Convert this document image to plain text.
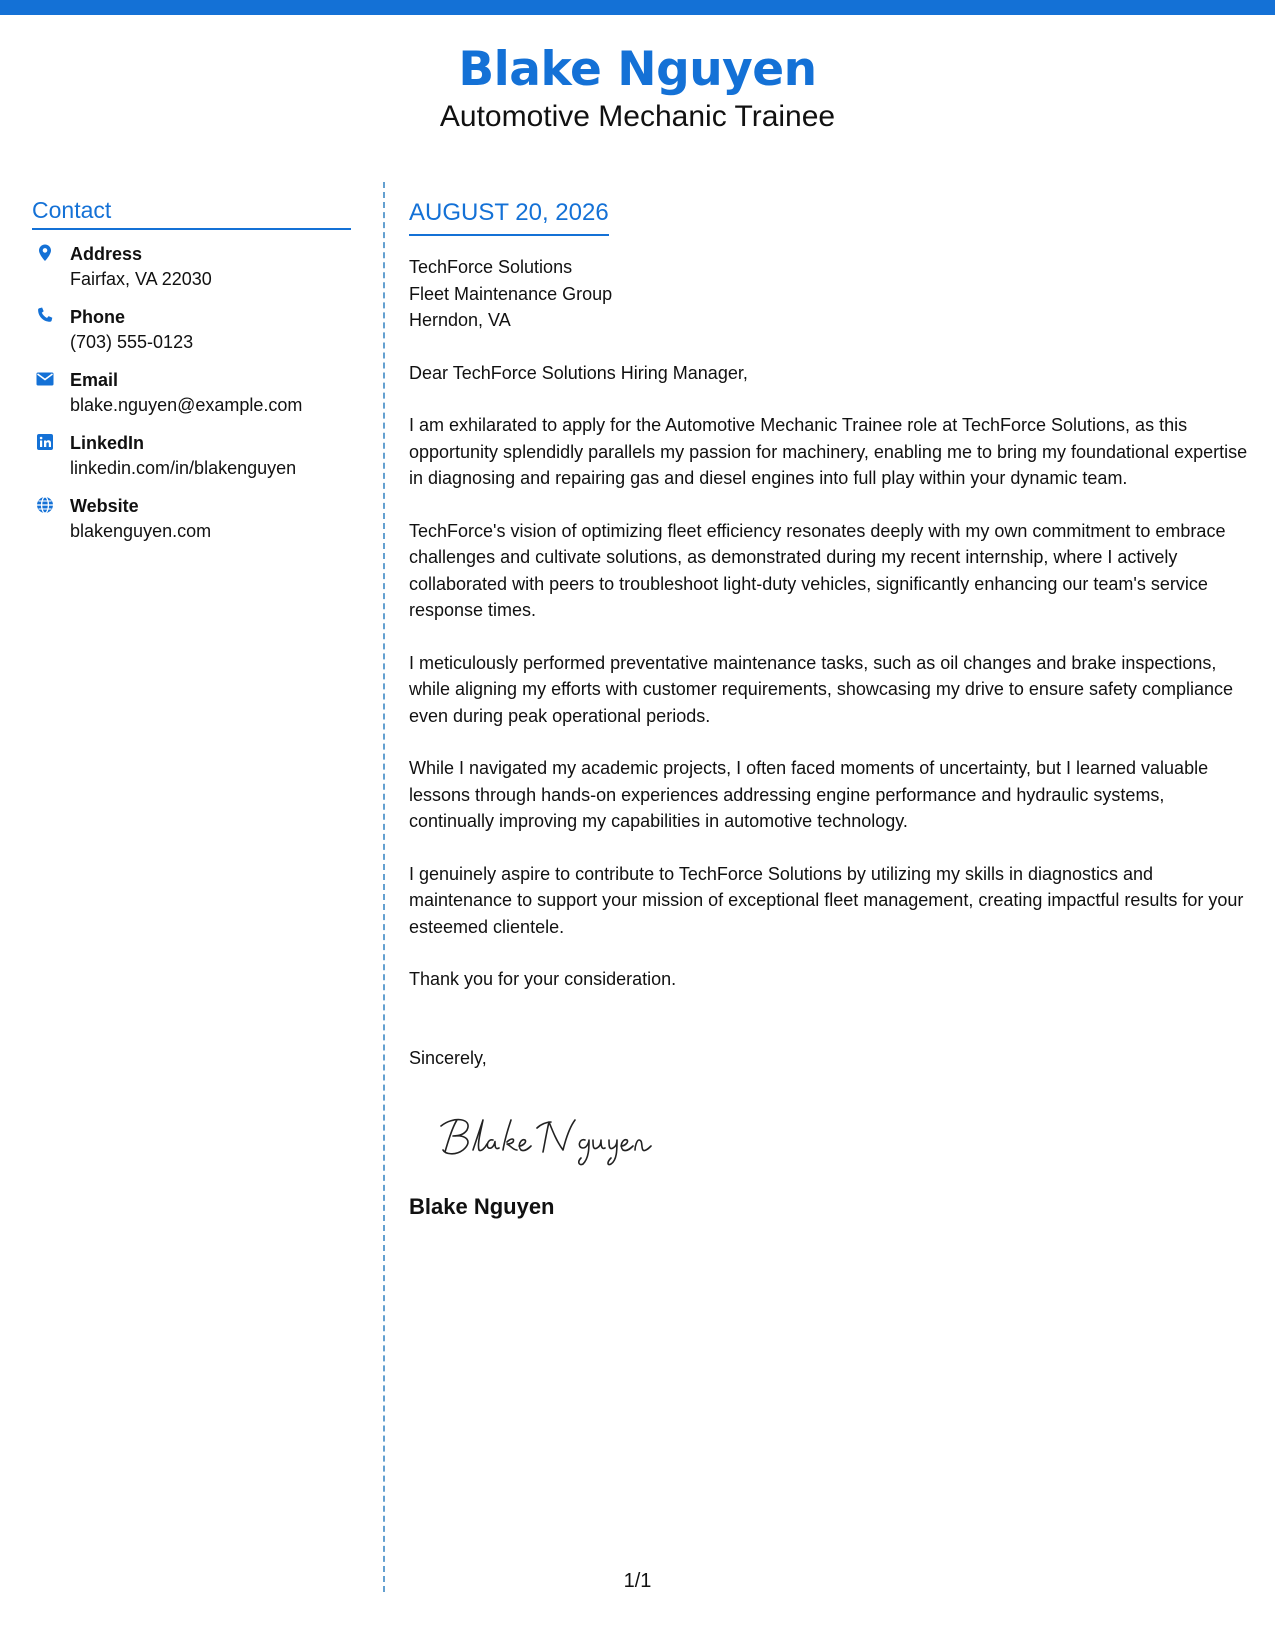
Blake Nguyen
Automotive Mechanic Trainee
Contact
Address
Fairfax, VA 22030
Phone
(703) 555-0123
Email
blake.nguyen@example.com
LinkedIn
linkedin.com/in/blakenguyen
Website
blakenguyen.com
AUGUST 20, 2026
TechForce Solutions
Fleet Maintenance Group
Herndon, VA

Dear TechForce Solutions Hiring Manager,

I am exhilarated to apply for the Automotive Mechanic Trainee role at TechForce Solutions, as this opportunity splendidly parallels my passion for machinery, enabling me to bring my foundational expertise in diagnosing and repairing gas and diesel engines into full play within your dynamic team.

TechForce's vision of optimizing fleet efficiency resonates deeply with my own commitment to embrace challenges and cultivate solutions, as demonstrated during my recent internship, where I actively collaborated with peers to troubleshoot light-duty vehicles, significantly enhancing our team's service response times.

I meticulously performed preventative maintenance tasks, such as oil changes and brake inspections, while aligning my efforts with customer requirements, showcasing my drive to ensure safety compliance even during peak operational periods.

While I navigated my academic projects, I often faced moments of uncertainty, but I learned valuable lessons through hands-on experiences addressing engine performance and hydraulic systems, continually improving my capabilities in automotive technology.

I genuinely aspire to contribute to TechForce Solutions by utilizing my skills in diagnostics and maintenance to support your mission of exceptional fleet management, creating impactful results for your esteemed clientele.

Thank you for your consideration.

Sincerely,
Blake Nguyen
1/1
